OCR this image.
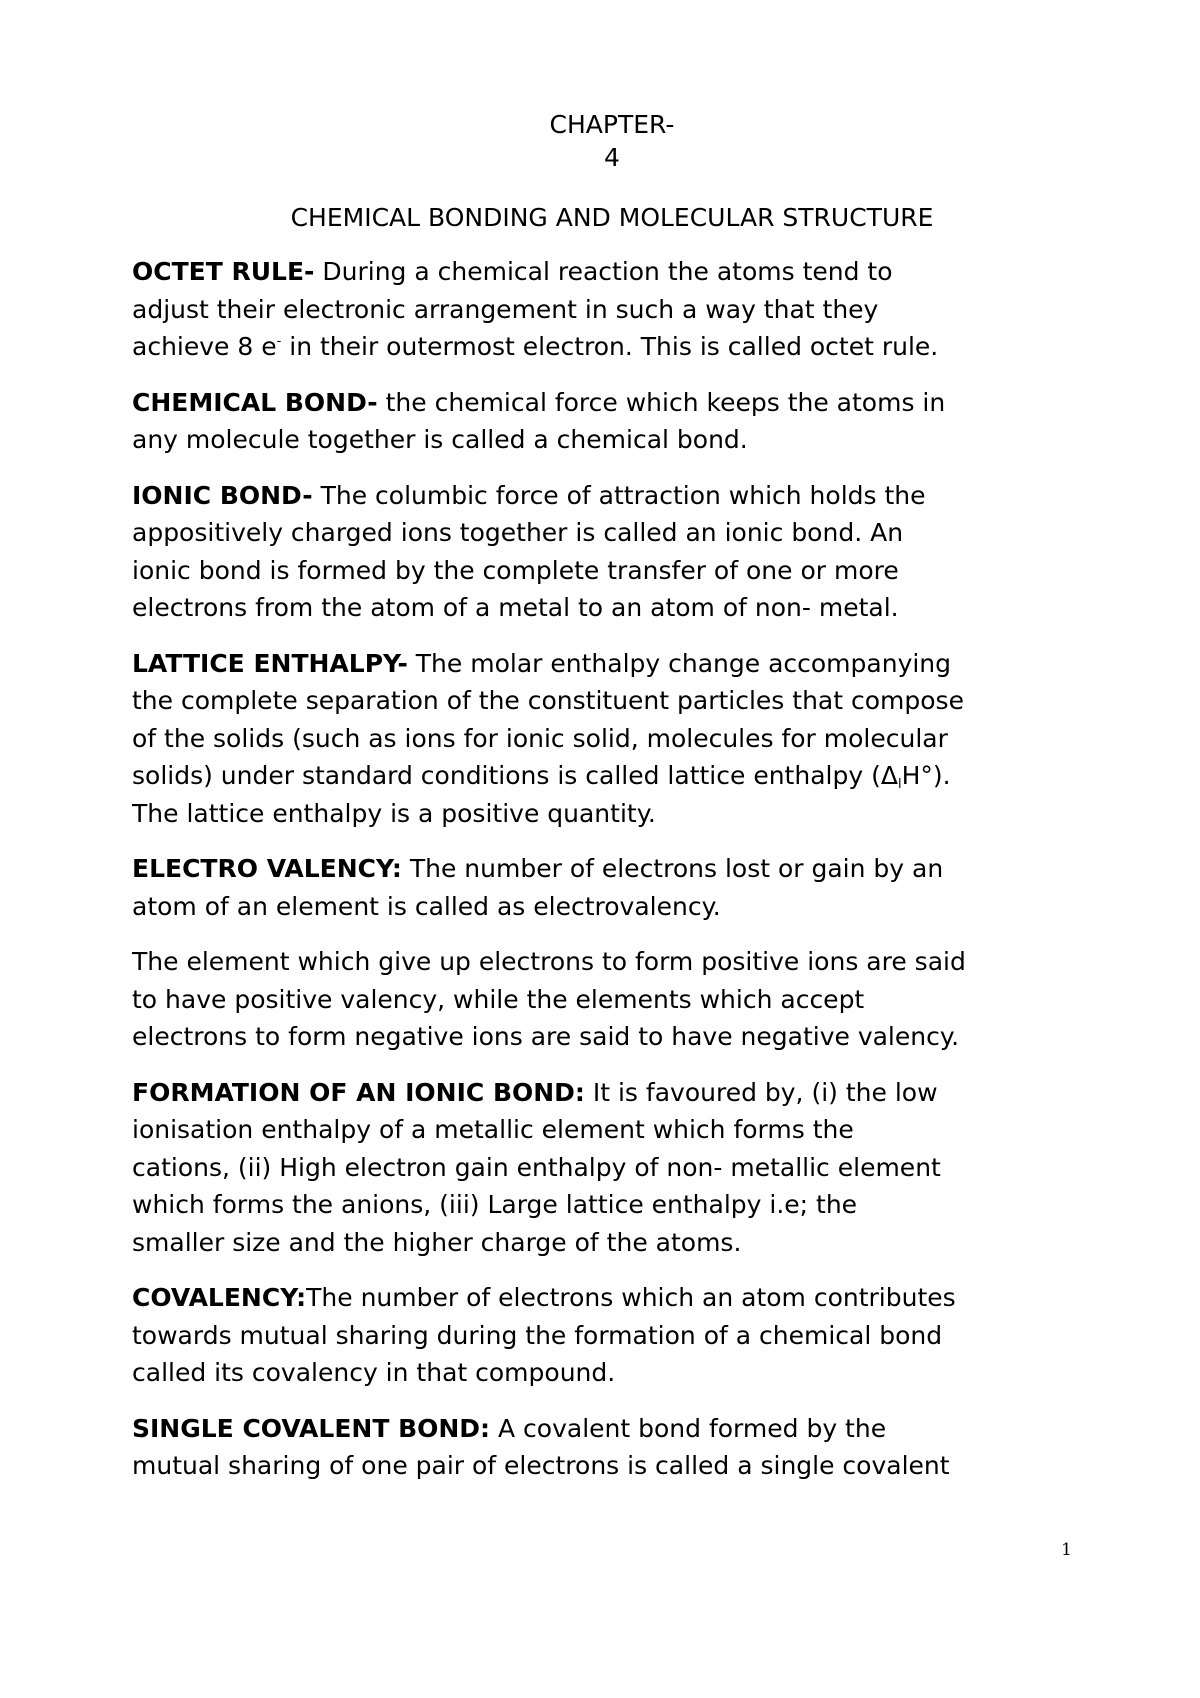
CHAPTER-
4

CHEMICAL BONDING AND MOLECULAR STRUCTURE

OCTET RULE- During a chemical reaction the atoms tend to
adjust their electronic arrangement in such a way that they
achieve 8 e- in their outermost electron. This is called octet rule.

CHEMICAL BOND- the chemical force which keeps the atoms in
any molecule together is called a chemical bond.

IONIC BOND- The columbic force of attraction which holds the
appositively charged ions together is called an ionic bond. An
ionic bond is formed by the complete transfer of one or more
electrons from the atom of a metal to an atom of non- metal.

LATTICE ENTHALPY- The molar enthalpy change accompanying
the complete separation of the constituent particles that compose
of the solids (such as ions for ionic solid, molecules for molecular
solids) under standard conditions is called lattice enthalpy $(\Delta_lH^\circ)$.
The lattice enthalpy is a positive quantity.

ELECTRO VALENCY: The number of electrons lost or gain by an
atom of an element is called as electrovalency.

The element which give up electrons to form positive ions are said
to have positive valency, while the elements which accept
electrons to form negative ions are said to have negative valency.

FORMATION OF AN IONIC BOND: It is favoured by, (i) the low
ionisation enthalpy of a metallic element which forms the
cations, (ii) High electron gain enthalpy of non- metallic element
which forms the anions, (iii) Large lattice enthalpy i.e; the
smaller size and the higher charge of the atoms.

COVALENCY:The number of electrons which an atom contributes
towards mutual sharing during the formation of a chemical bond
called its covalency in that compound.

SINGLE COVALENT BOND: A covalent bond formed by the
mutual sharing of one pair of electrons is called a single covalent

1
